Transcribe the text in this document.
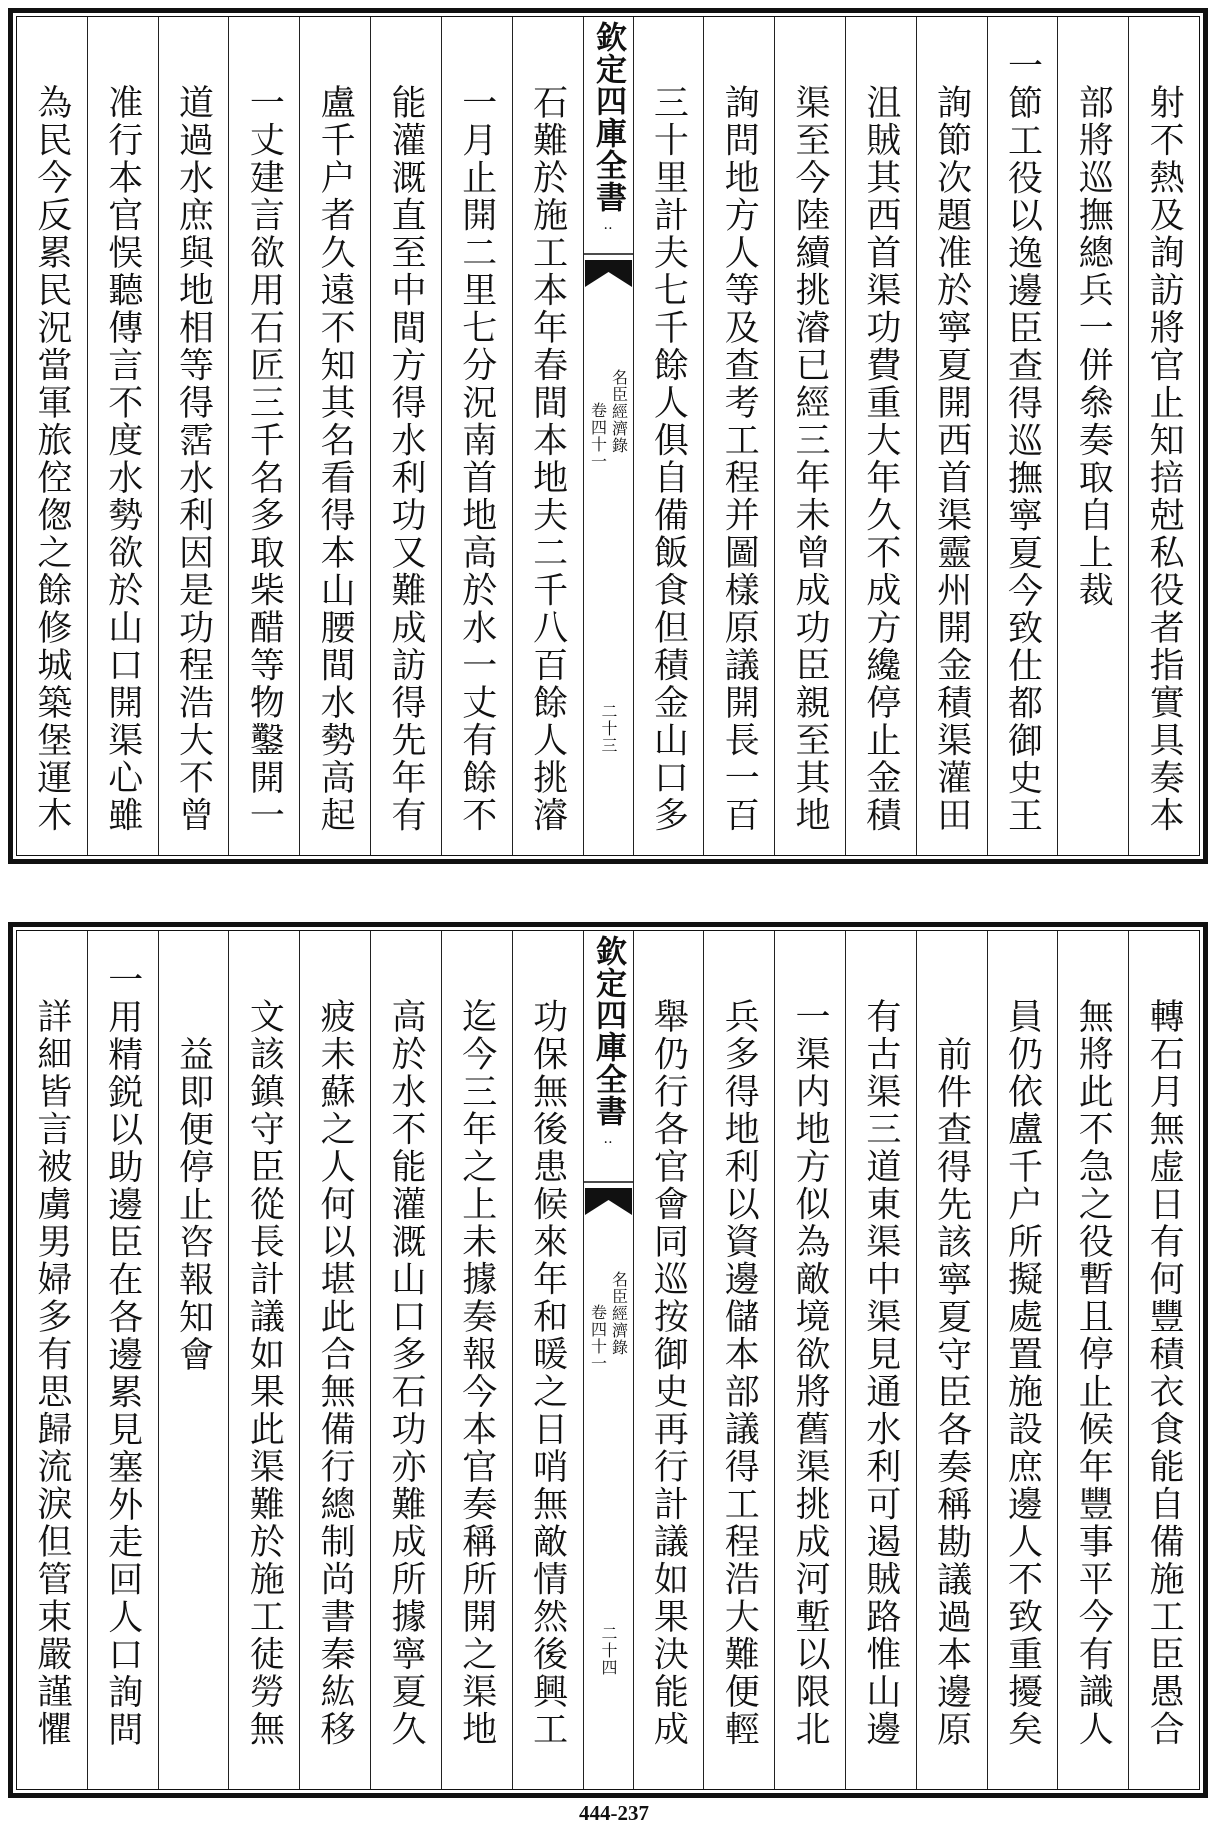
射不熱及詢訪將官止知掊尅私役者指實具奏本
部將巡撫總兵一併叅奏取自上裁
一節工役以逸邊臣查得巡撫寧夏今致仕都御史王
詢節次題准於寧夏開西首渠靈州開金積渠灌田
沮賊其西首渠功費重大年久不成方纔停止金積
渠至今陸續挑濬已經三年未曾成功臣親至其地
詢問地方人等及查考工程并圖樣原議開長一百
三十里計夫七千餘人俱自備飯食但積金山口多
欽定四庫全書
‥
名臣經濟錄
卷四十一
二十三
石難於施工本年春間本地夫二千八百餘人挑濬
一月止開二里七分況南首地高於水一丈有餘不
能灌溉直至中間方得水利功又難成訪得先年有
盧千户者久遠不知其名看得本山腰間水勢高起
一丈建言欲用石匠三千名多取柴醋等物鑿開一
道過水庶與地相等得霑水利因是功程浩大不曾
准行本官悮聽傳言不度水勢欲於山口開渠心雖
為民今反累民況當軍旅倥偬之餘修城築堡運木
轉石月無虚日有何豐積衣食能自備施工臣愚合
無將此不急之役暫且停止候年豐事平今有識人
員仍依盧千户所擬處置施設庶邊人不致重擾矣
前件查得先該寧夏守臣各奏稱勘議過本邊原
有古渠三道東渠中渠見通水利可遏賊路惟山邊
一渠内地方似為敵境欲將舊渠挑成河塹以限北
兵多得地利以資邊儲本部議得工程浩大難便輕
舉仍行各官會同巡按御史再行計議如果決能成
欽定四庫全書
‥
名臣經濟錄
卷四十一
二十四
功保無後患候來年和暖之日哨無敵情然後興工
迄今三年之上未據奏報今本官奏稱所開之渠地
高於水不能灌溉山口多石功亦難成所據寧夏久
疲未蘇之人何以堪此合無備行總制尚書秦紘移
文該鎮守臣從長計議如果此渠難於施工徒勞無
益即便停止咨報知會
一用精鋭以助邊臣在各邊累見塞外走回人口詢問
詳細皆言被虜男婦多有思歸流淚但管束嚴謹懼
444-237
